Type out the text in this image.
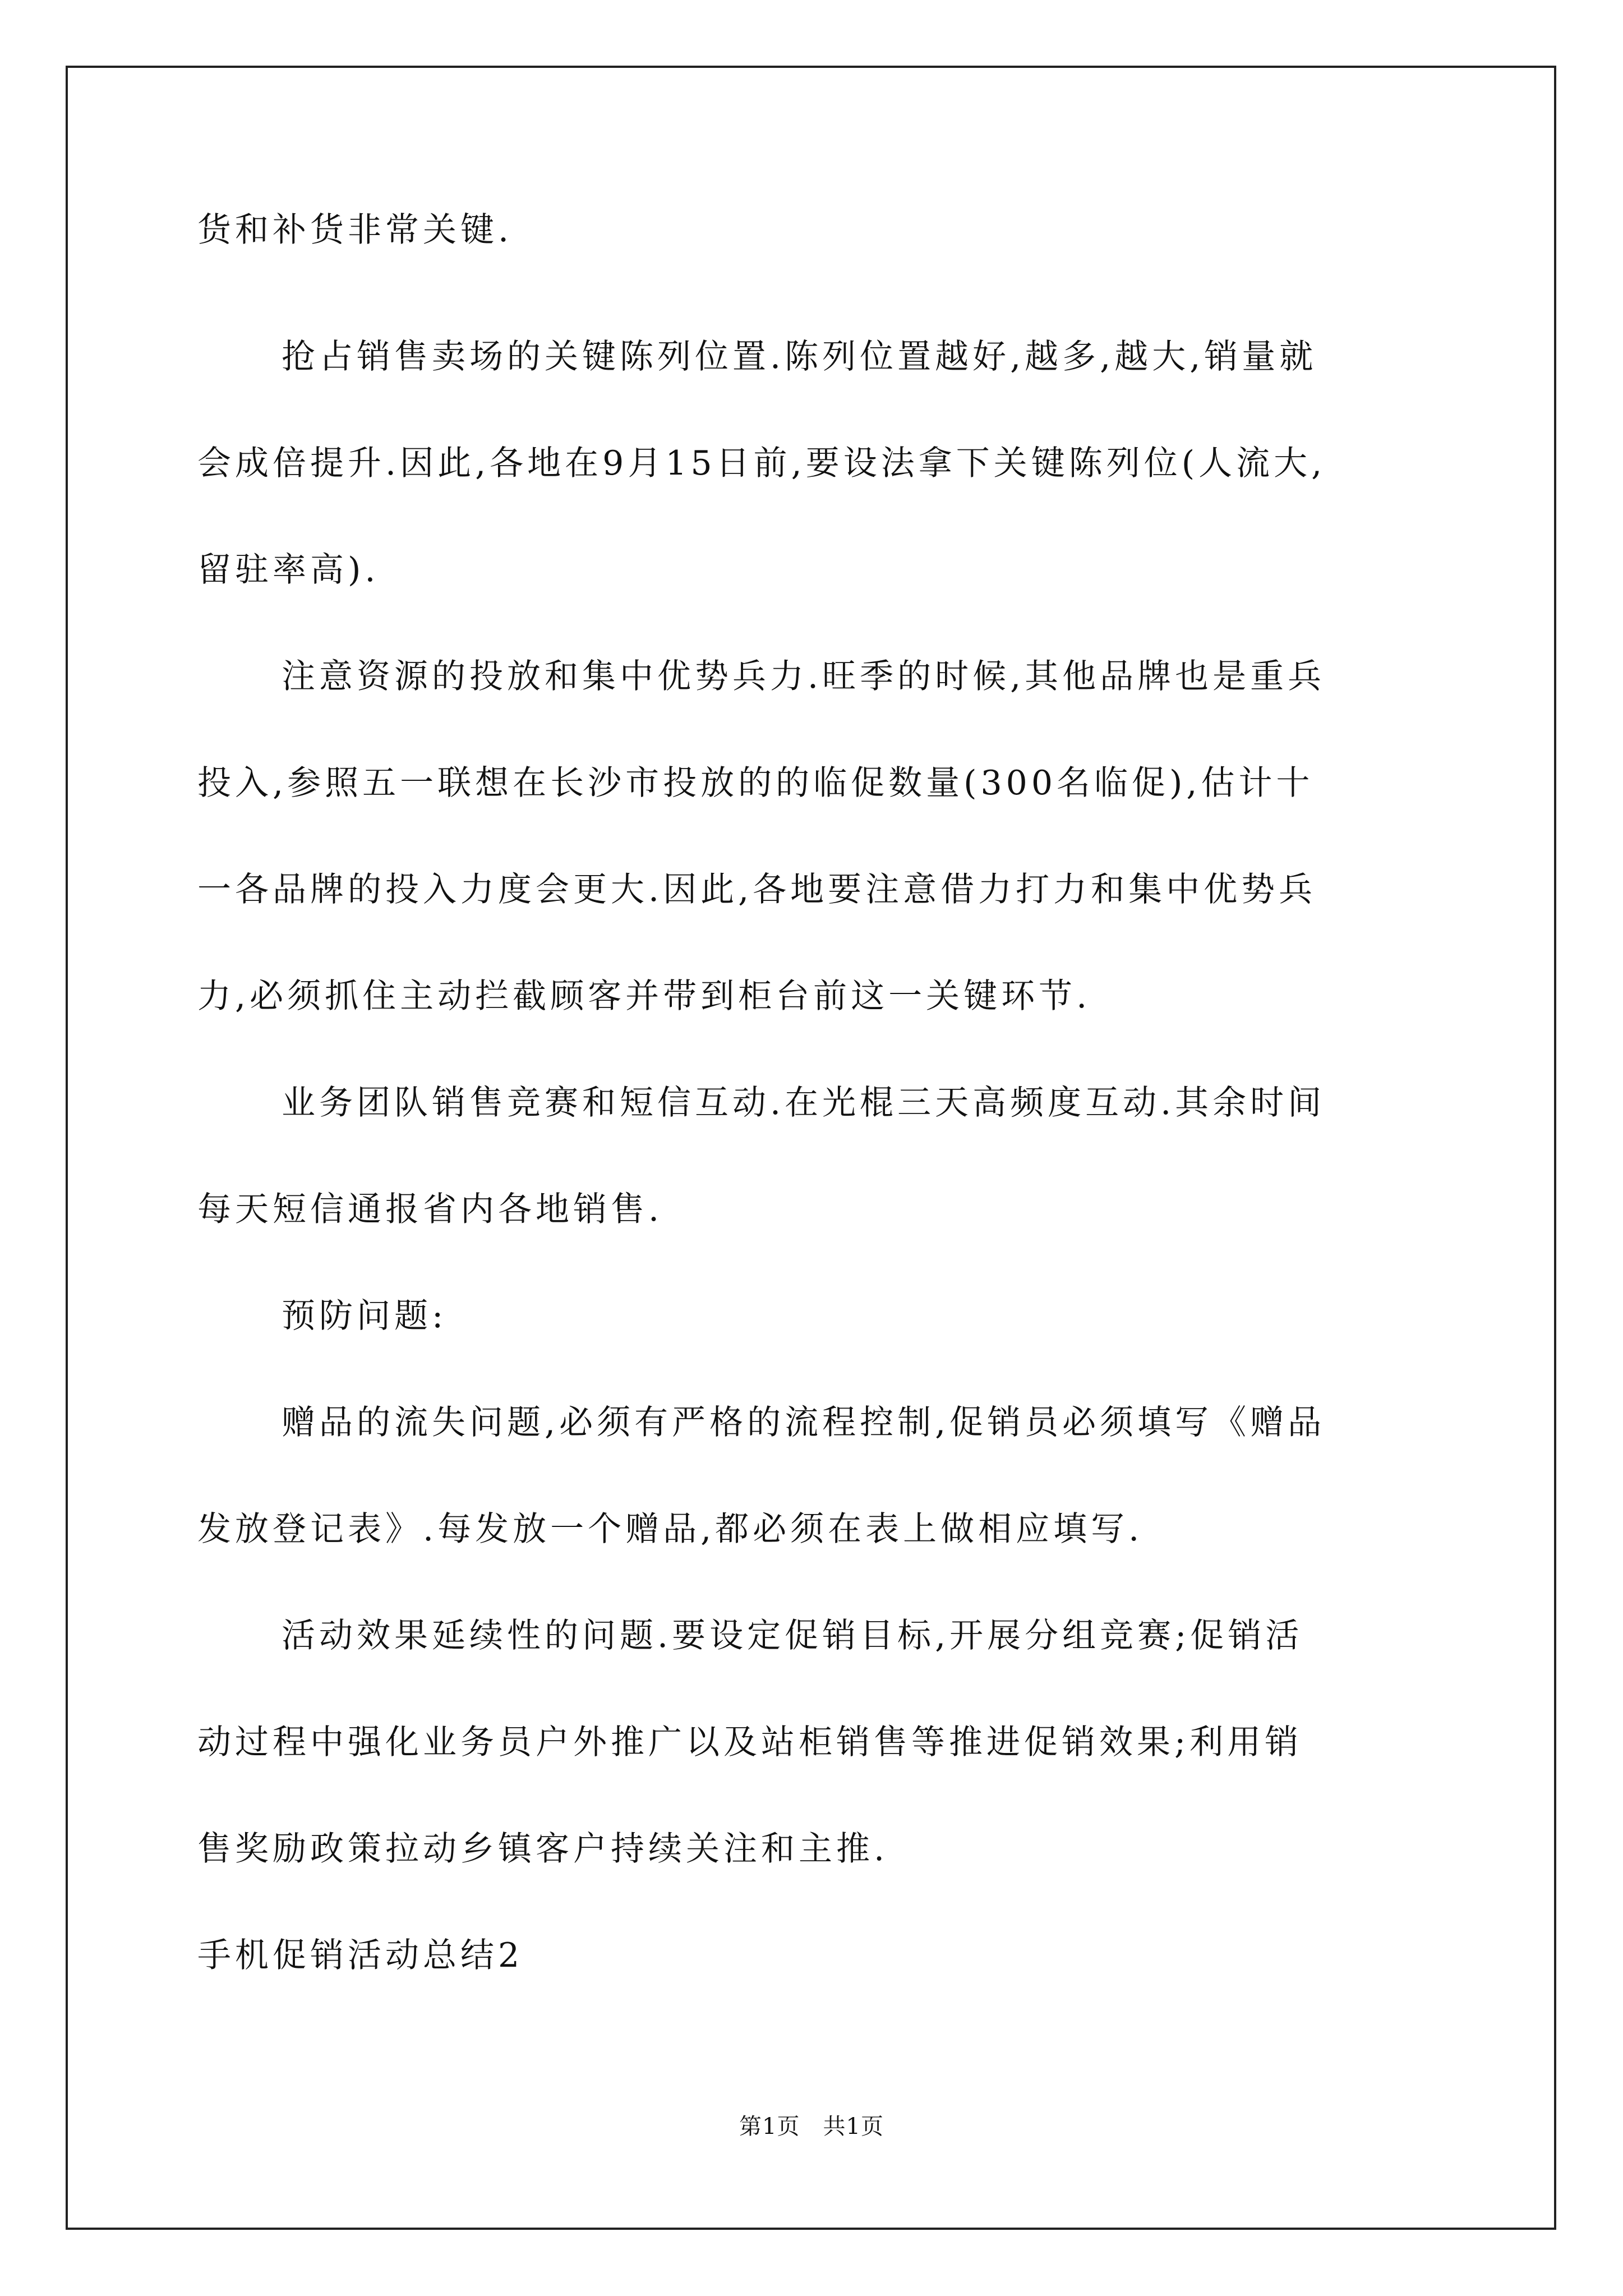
货和补货非常关键.
抢占销售卖场的关键陈列位置.陈列位置越好,越多,越大,销量就
会成倍提升.因此,各地在9月15日前,要设法拿下关键陈列位(人流大,
留驻率高).
注意资源的投放和集中优势兵力.旺季的时候,其他品牌也是重兵
投入,参照五一联想在长沙市投放的的临促数量(300名临促),估计十
一各品牌的投入力度会更大.因此,各地要注意借力打力和集中优势兵
力,必须抓住主动拦截顾客并带到柜台前这一关键环节.
业务团队销售竞赛和短信互动.在光棍三天高频度互动.其余时间
每天短信通报省内各地销售.
预防问题:
赠品的流失问题,必须有严格的流程控制,促销员必须填写《赠品
发放登记表》.每发放一个赠品,都必须在表上做相应填写.
活动效果延续性的问题.要设定促销目标,开展分组竞赛;促销活
动过程中强化业务员户外推广以及站柜销售等推进促销效果;利用销
售奖励政策拉动乡镇客户持续关注和主推.
手机促销活动总结2
第1页　共1页
